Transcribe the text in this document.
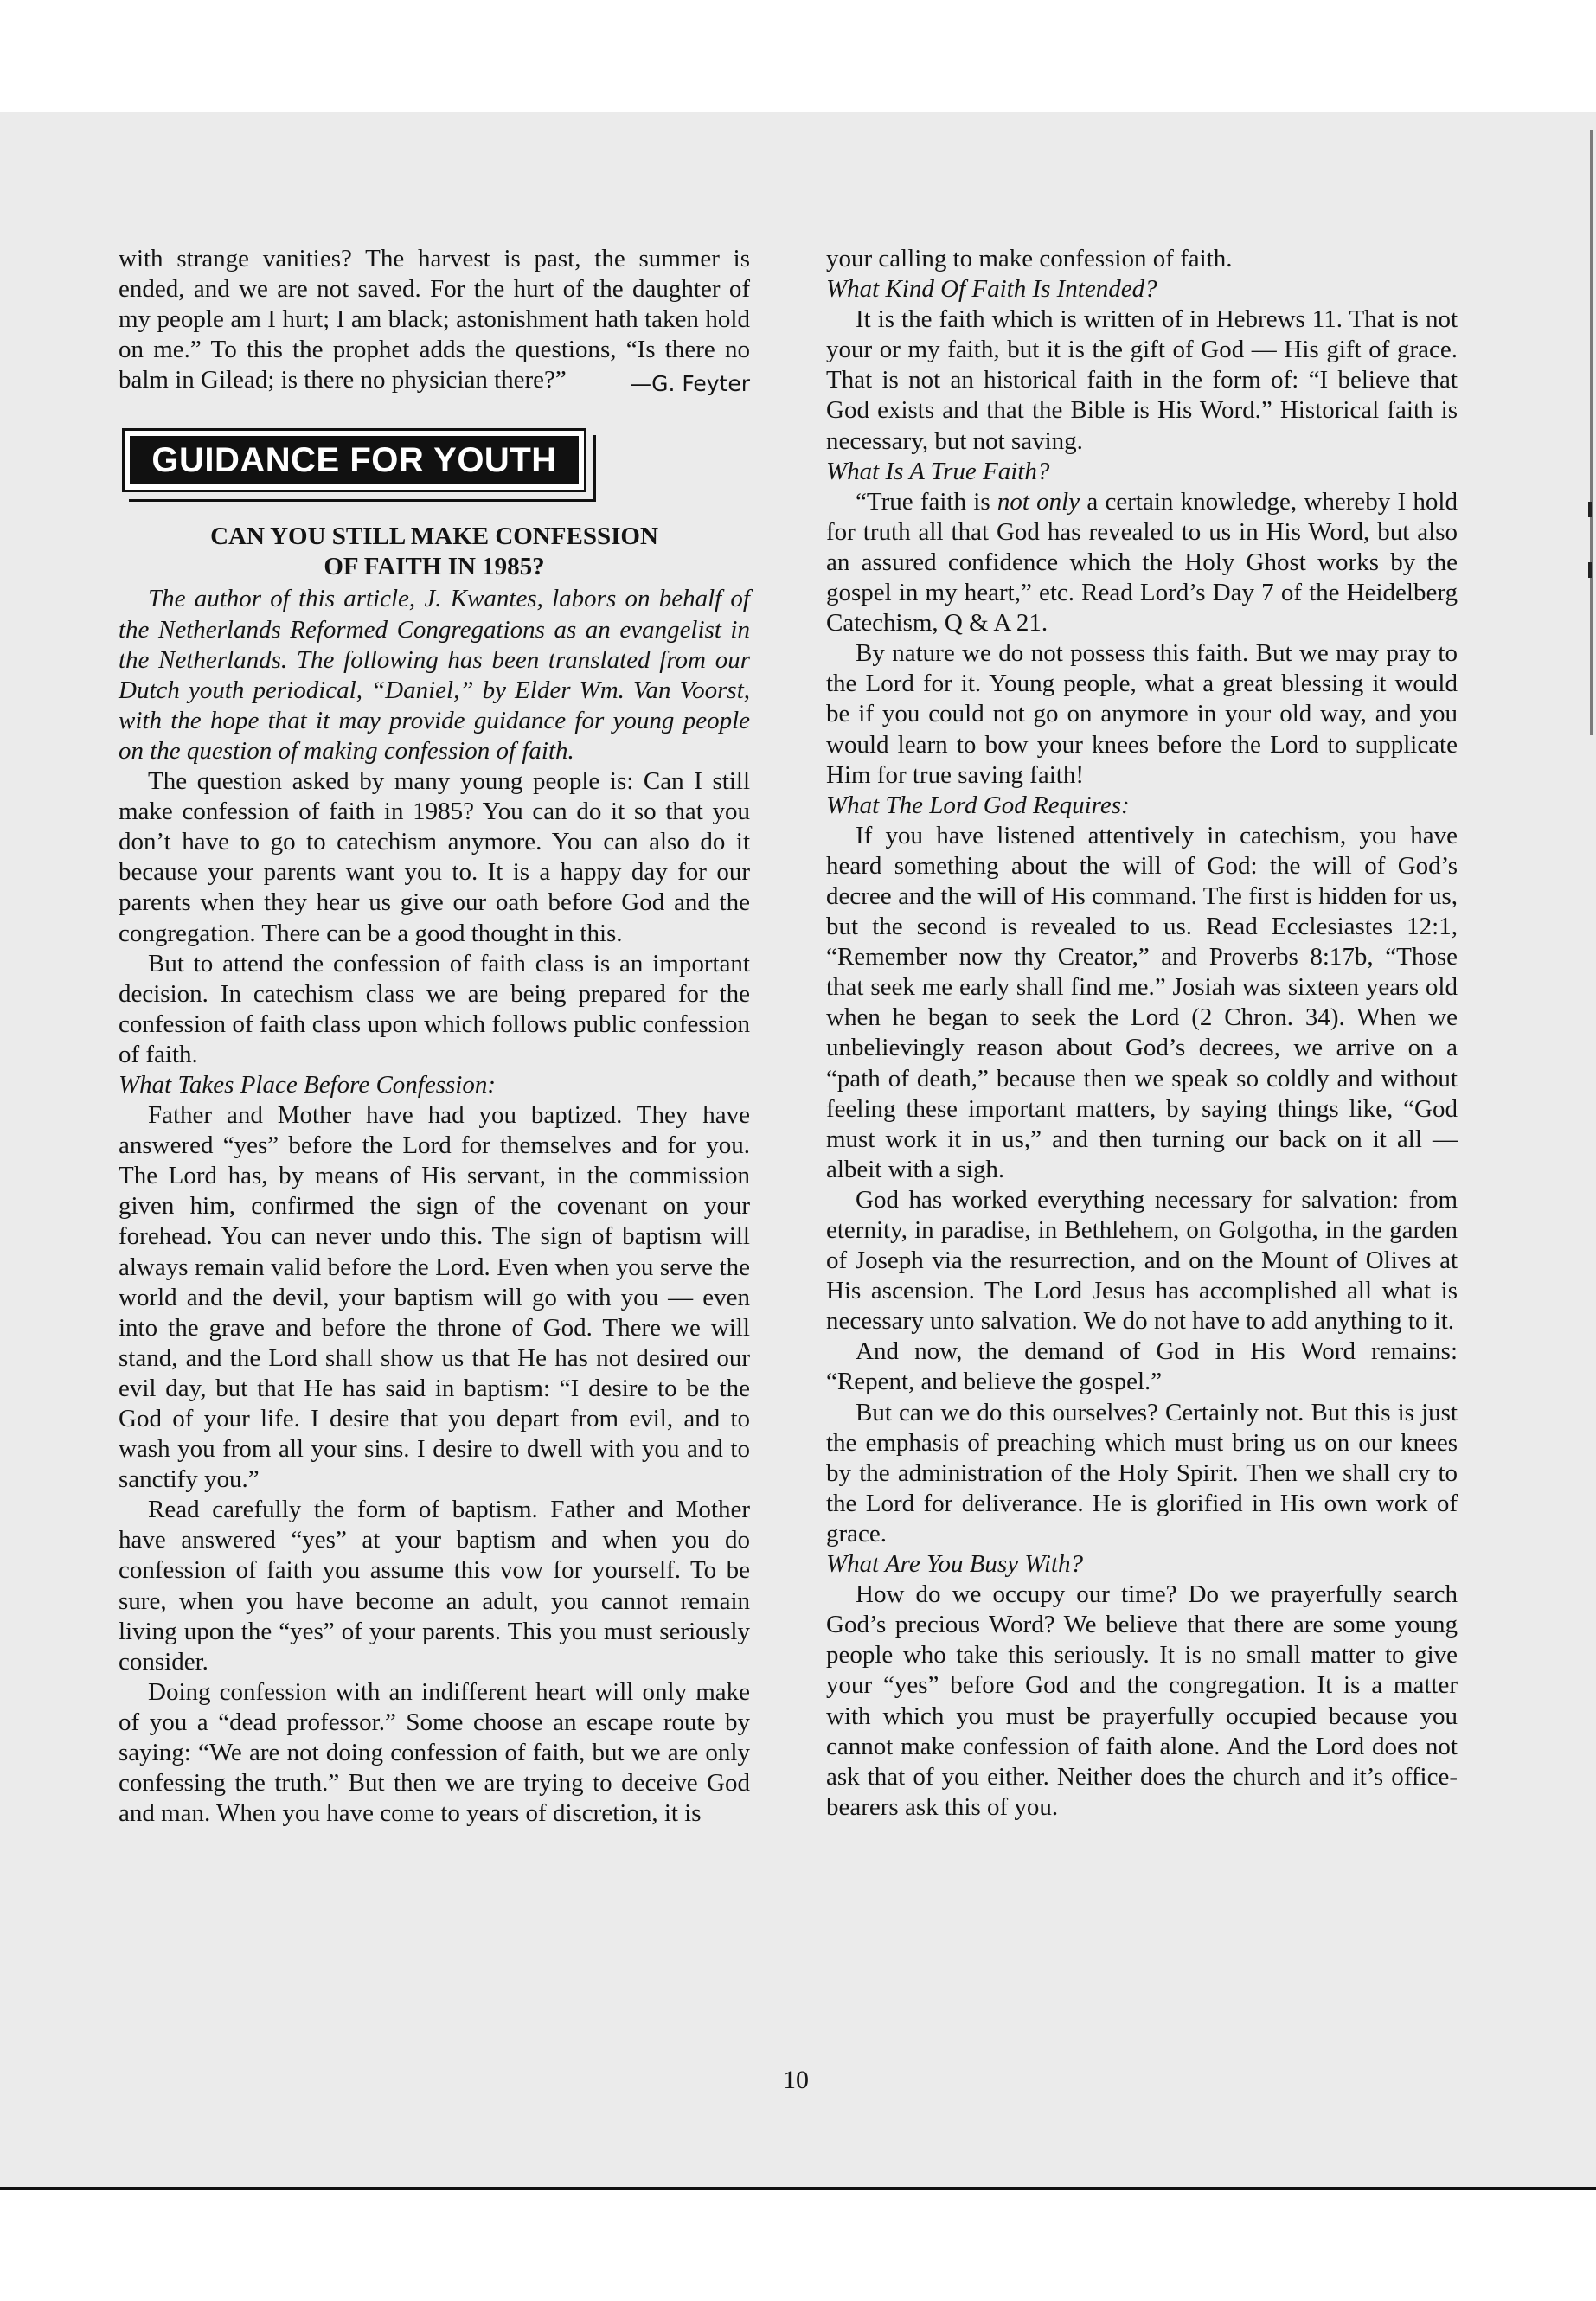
with strange vanities? The harvest is past, the summer is ended, and we are not saved. For the hurt of the daughter of my people am I hurt; I am black; astonishment hath taken hold on me.” To this the prophet adds the questions, “Is there no balm in Gilead; is there no physician there?”	—G. Feyter
GUIDANCE FOR YOUTH
CAN YOU STILL MAKE CONFESSION
OF FAITH IN 1985?

The author of this article, J. Kwantes, labors on behalf of the Netherlands Reformed Congregations as an evangelist in the Netherlands. The following has been translated from our Dutch youth periodical, “Daniel,” by Elder Wm. Van Voorst, with the hope that it may provide guidance for young people on the question of making confession of faith.

The question asked by many young people is: Can I still make confession of faith in 1985? You can do it so that you don’t have to go to catechism anymore. You can also do it because your parents want you to. It is a happy day for our parents when they hear us give our oath before God and the congregation. There can be a good thought in this.

But to attend the confession of faith class is an important decision. In catechism class we are being prepared for the confession of faith class upon which follows public confession of faith.

What Takes Place Before Confession:

Father and Mother have had you baptized. They have answered “yes” before the Lord for themselves and for you. The Lord has, by means of His servant, in the commission given him, confirmed the sign of the covenant on your forehead. You can never undo this. The sign of baptism will always remain valid before the Lord. Even when you serve the world and the devil, your baptism will go with you — even into the grave and before the throne of God. There we will stand, and the Lord shall show us that He has not desired our evil day, but that He has said in baptism: “I desire to be the God of your life. I desire that you depart from evil, and to wash you from all your sins. I desire to dwell with you and to sanctify you.”

Read carefully the form of baptism. Father and Mother have answered “yes” at your baptism and when you do confession of faith you assume this vow for yourself. To be sure, when you have become an adult, you cannot remain living upon the “yes” of your parents. This you must seriously consider.

Doing confession with an indifferent heart will only make of you a “dead professor.” Some choose an escape route by saying: “We are not doing confession of faith, but we are only confessing the truth.” But then we are trying to deceive God and man. When you have come to years of discretion, it is

your calling to make confession of faith.

What Kind Of Faith Is Intended?

It is the faith which is written of in Hebrews 11. That is not your or my faith, but it is the gift of God — His gift of grace. That is not an historical faith in the form of: “I believe that God exists and that the Bible is His Word.” Historical faith is necessary, but not saving.

What Is A True Faith?

“True faith is not only a certain knowledge, whereby I hold for truth all that God has revealed to us in His Word, but also an assured confidence which the Holy Ghost works by the gospel in my heart,” etc. Read Lord’s Day 7 of the Heidelberg Catechism, Q & A 21.

By nature we do not possess this faith. But we may pray to the Lord for it. Young people, what a great blessing it would be if you could not go on anymore in your old way, and you would learn to bow your knees before the Lord to supplicate Him for true saving faith!

What The Lord God Requires:

If you have listened attentively in catechism, you have heard something about the will of God: the will of God’s decree and the will of His command. The first is hidden for us, but the second is revealed to us. Read Ecclesiastes 12:1, “Remember now thy Creator,” and Proverbs 8:17b, “Those that seek me early shall find me.” Josiah was sixteen years old when he began to seek the Lord (2 Chron. 34). When we unbelievingly reason about God’s decrees, we arrive on a “path of death,” because then we speak so coldly and without feeling these important matters, by saying things like, “God must work it in us,” and then turning our back on it all — albeit with a sigh.

God has worked everything necessary for salvation: from eternity, in paradise, in Bethlehem, on Golgotha, in the garden of Joseph via the resurrection, and on the Mount of Olives at His ascension. The Lord Jesus has accomplished all what is necessary unto salvation. We do not have to add anything to it.

And now, the demand of God in His Word remains: “Repent, and believe the gospel.”

But can we do this ourselves? Certainly not. But this is just the emphasis of preaching which must bring us on our knees by the administration of the Holy Spirit. Then we shall cry to the Lord for deliverance. He is glorified in His own work of grace.

What Are You Busy With?

How do we occupy our time? Do we prayerfully search God’s precious Word? We believe that there are some young people who take this seriously. It is no small matter to give your “yes” before God and the congregation. It is a matter with which you must be prayerfully occupied because you cannot make confession of faith alone. And the Lord does not ask that of you either. Neither does the church and it’s office-bearers ask this of you.

10
